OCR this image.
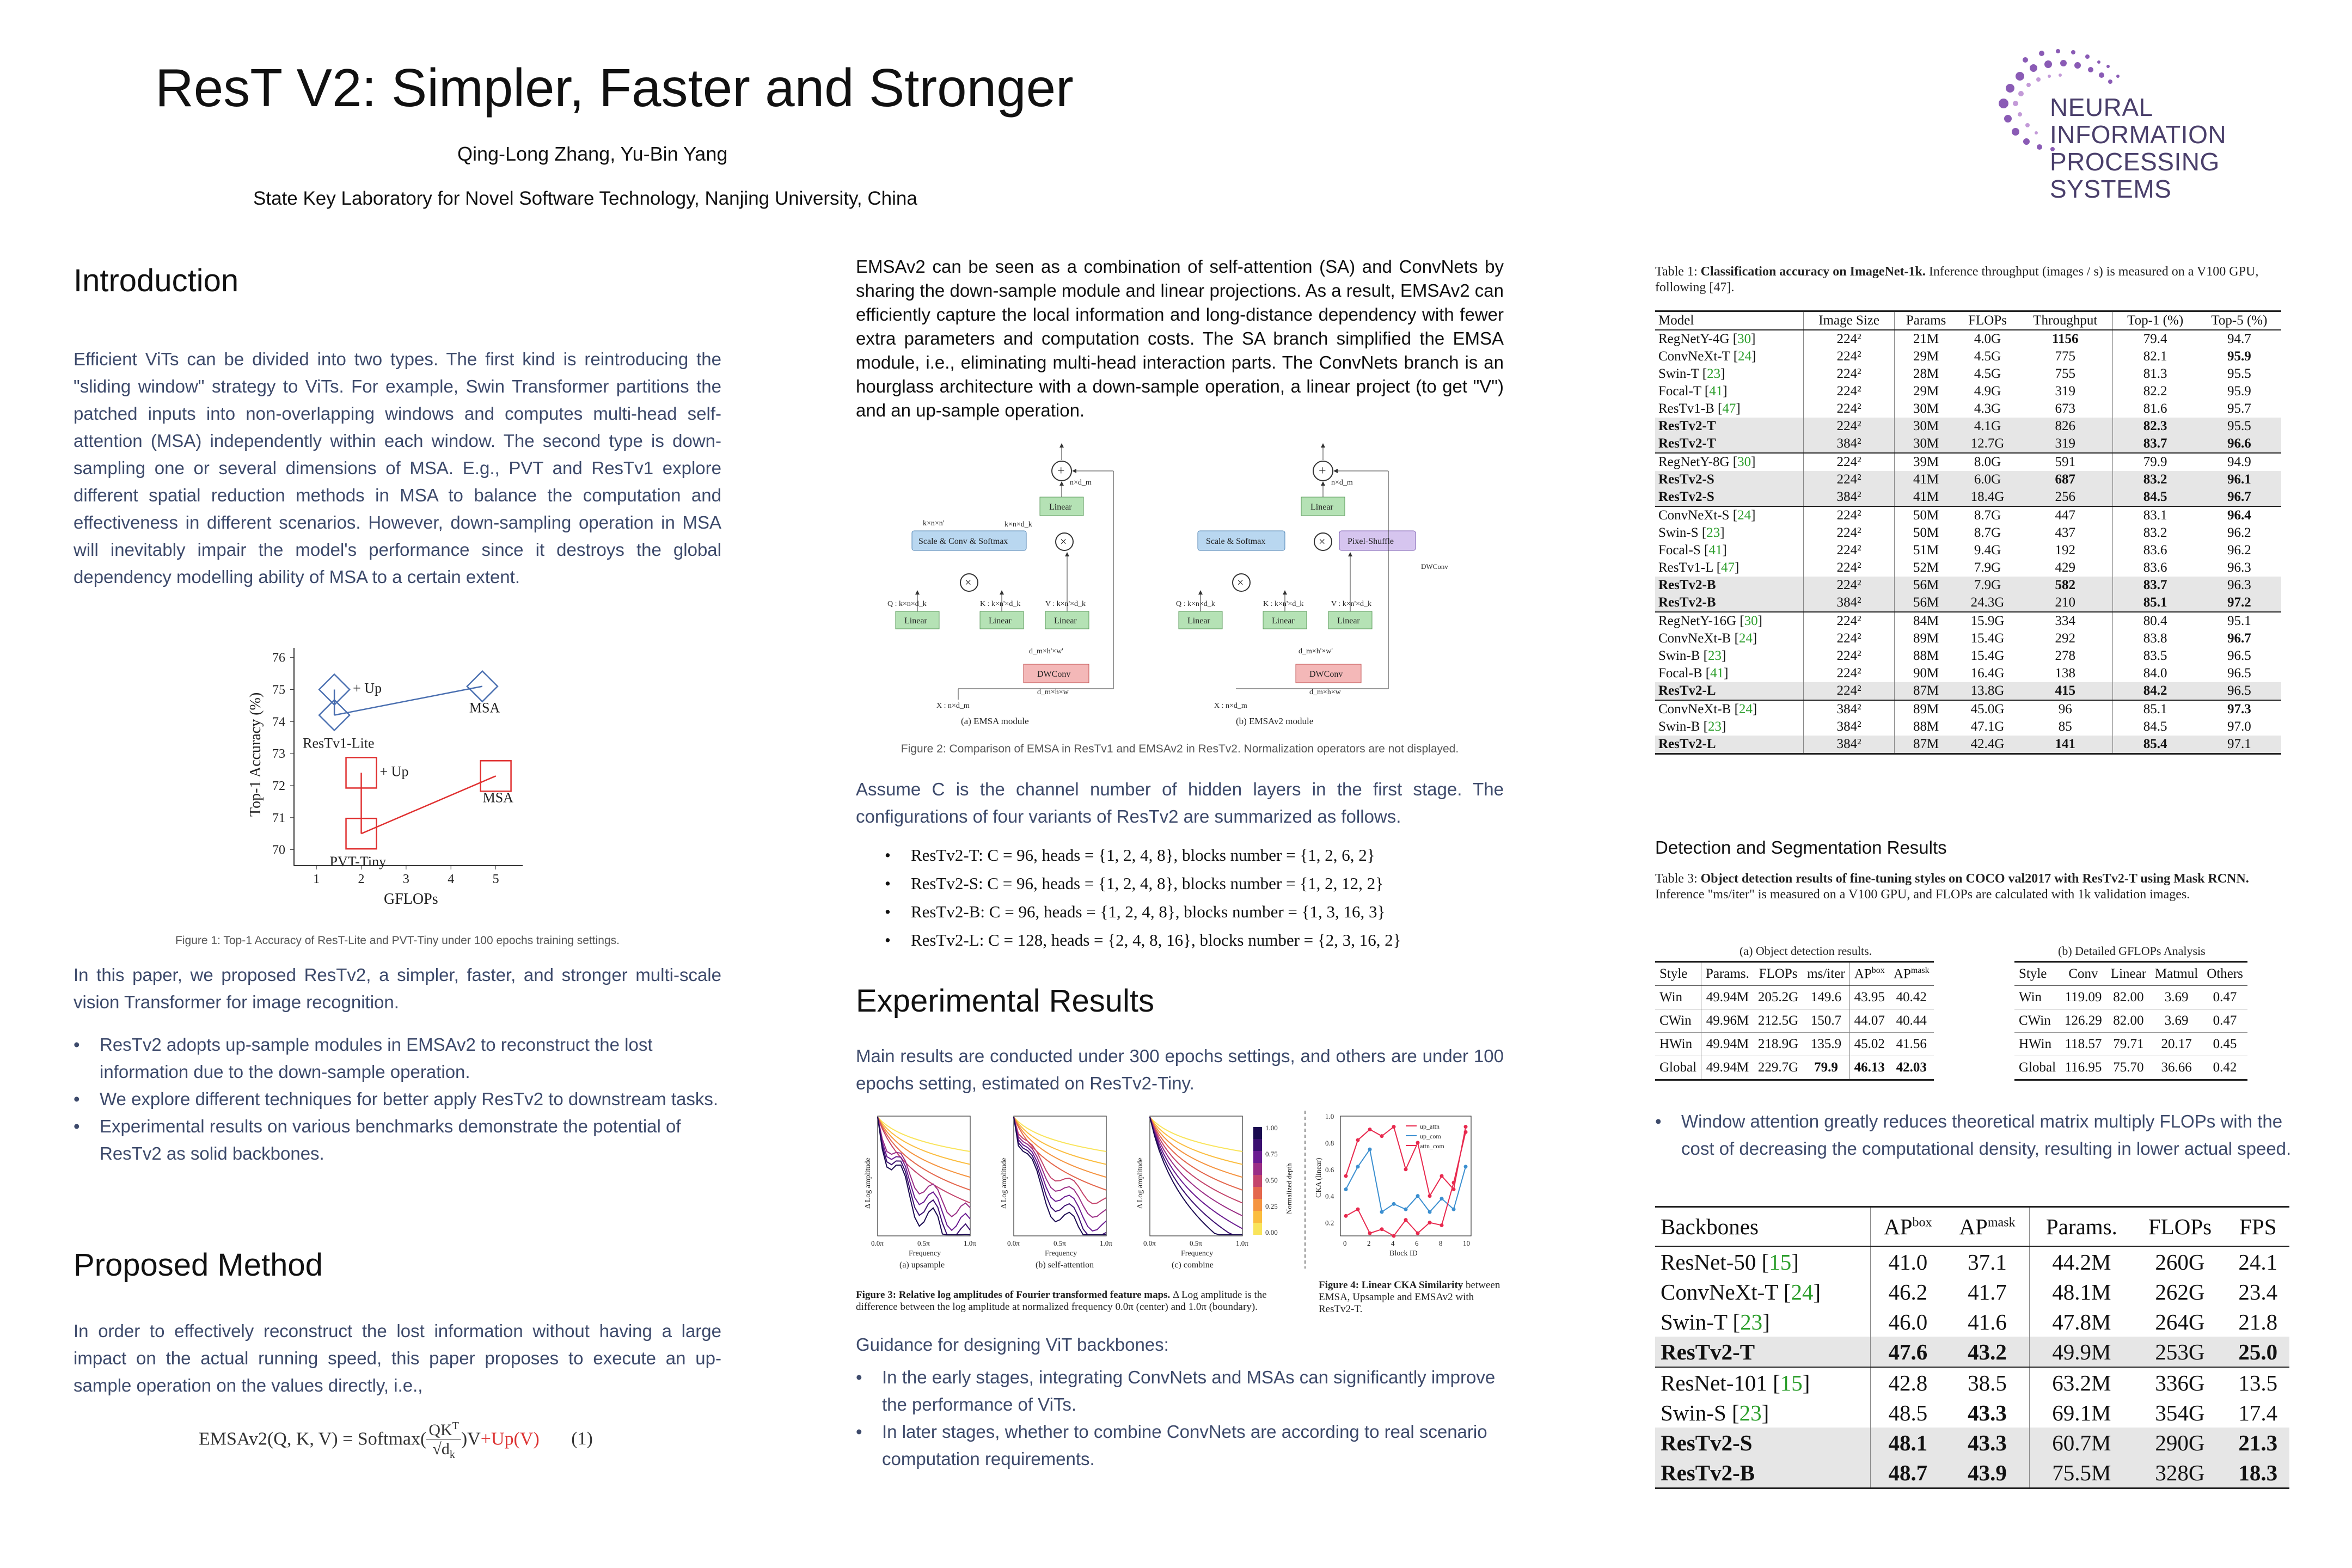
ResT V2: Simpler, Faster and Stronger
Qing-Long Zhang, Yu-Bin Yang
State Key Laboratory for Novel Software Technology, Nanjing University, China
NEURAL INFORMATION
PROCESSING SYSTEMS
Introduction

Efficient ViTs can be divided into two types. The first kind is reintroducing the "sliding window" strategy to ViTs. For example, Swin Transformer partitions the patched inputs into non-overlapping windows and computes multi-head self-attention (MSA) independently within each window. The second type is down-sampling one or several dimensions of MSA. E.g., PVT and ResTv1 explore different spatial reduction methods in MSA to balance the computation and effectiveness in different scenarios. However, down-sampling operation in MSA will inevitably impair the model's performance since it destroys the global dependency modelling ability of MSA to a certain extent.

1	2	3	4	5
70
71
72
73
74
75
76
GFLOPs
Top-1 Accuracy (%)	ResTv1-Lite
+ Up
MSA
PVT-Tiny
+ Up
MSA
Figure 1: Top-1 Accuracy of ResT-Lite and PVT-Tiny under 100 epochs training settings.

In this paper, we proposed ResTv2, a simpler, faster, and stronger multi-scale vision Transformer for image recognition.

• ResTv2 adopts up-sample modules in EMSAv2 to reconstruct the lost information due to the down-sample operation.
• We explore different techniques for better apply ResTv2 to downstream tasks.
• Experimental results on various benchmarks demonstrate the potential of ResTv2 as solid backbones.
Proposed Method

In order to effectively reconstruct the lost information without having a large impact on the actual running speed, this paper proposes to execute an up-sample operation on the values directly, i.e.,

EMSAv2(Q, K, V) = Softmax( $QK^T$
$√d_k$
)V+Up(V) (1)

EMSAv2 can be seen as a combination of self-attention (SA) and ConvNets by sharing the down-sample module and linear projections. As a result, EMSAv2 can efficiently capture the local information and long-distance dependency with fewer extra parameters and computation costs. The SA branch simplified the EMSA module, i.e., eliminating multi-head interaction parts. The ConvNets branch is an hourglass architecture with a down-sample operation, a linear project (to get "V") and an up-sample operation.

+
Linear
×
Scale & Conv & Softmax
×
Linear	Linear	Linear
DWConv
Q : k×n×d_k	K : k×n'×d_k	V : k×n'×d_k
n×d_m
k×n×n'	k×n×d_k
d_m×h'×w'
d_m×h×w
X : n×d_m
(a) EMSA module
+
Linear
×
Scale & Softmax	Pixel-Shuffle
×
Linear	Linear	Linear
DWConv
Q : k×n×d_k	K : k×n'×d_k	V : k×n'×d_k
DWConv
n×d_m
d_m×h'×w'
d_m×h×w
X : n×d_m
(b) EMSAv2 module
Figure 2: Comparison of EMSA in ResTv1 and EMSAv2 in ResTv2. Normalization operators are not displayed.

Assume C is the channel number of hidden layers in the first stage. The configurations of four variants of ResTv2 are summarized as follows.

• ResTv2-T: C = 96, heads = {1, 2, 4, 8}, blocks number = {1, 2, 6, 2}
• ResTv2-S: C = 96, heads = {1, 2, 4, 8}, blocks number = {1, 2, 12, 2}
• ResTv2-B: C = 96, heads = {1, 2, 4, 8}, blocks number = {1, 3, 16, 3}
• ResTv2-L: C = 128, heads = {2, 4, 8, 16}, blocks number = {2, 3, 16, 2}
Experimental Results

Main results are conducted under 300 epochs settings, and others are under 100 epochs setting, estimated on ResTv2-Tiny.

0.0π	0.5π	1.0π
Frequency
(a) upsample
Δ Log amplitude
0.0π	0.5π	1.0π
Frequency
(b) self-attention
Δ Log amplitude
0.0π	0.5π	1.0π
Frequency
(c) combine
Δ Log amplitude
1.00
0.75
0.50
0.25
0.00
Normalized depth
0	2	4	6	8	10
0.2
0.4
0.6
0.8
1.0
Block ID
CKA (linear)
up_attn
up_com
attn_com
Figure 3: Relative log amplitudes of Fourier transformed feature maps. Δ Log amplitude is the difference between the log amplitude at normalized frequency 0.0π (center) and 1.0π (boundary).
Figure 4: Linear CKA Similarity between EMSA, Upsample and EMSAv2 with ResTv2-T.

Guidance for designing ViT backbones:

• In the early stages, integrating ConvNets and MSAs can significantly improve the performance of ViTs.
• In later stages, whether to combine ConvNets are according to real scenario computation requirements.
Table 1: Classification accuracy on ImageNet-1k. Inference throughput (images / s) is measured on a V100 GPU, following [47].
Model	Image Size	Params	FLOPs	Throughput	Top-1 (%)	Top-5 (%)
RegNetY-4G [30]	224²	21M	4.0G	1156	79.4	94.7
ConvNeXt-T [24]	224²	29M	4.5G	775	82.1	95.9
Swin-T [23]	224²	28M	4.5G	755	81.3	95.5
Focal-T [41]	224²	29M	4.9G	319	82.2	95.9
ResTv1-B [47]	224²	30M	4.3G	673	81.6	95.7
ResTv2-T	224²	30M	4.1G	826	82.3	95.5
ResTv2-T	384²	30M	12.7G	319	83.7	96.6
RegNetY-8G [30]	224²	39M	8.0G	591	79.9	94.9
ResTv2-S	224²	41M	6.0G	687	83.2	96.1
ResTv2-S	384²	41M	18.4G	256	84.5	96.7
ConvNeXt-S [24]	224²	50M	8.7G	447	83.1	96.4
Swin-S [23]	224²	50M	8.7G	437	83.2	96.2
Focal-S [41]	224²	51M	9.4G	192	83.6	96.2
ResTv1-L [47]	224²	52M	7.9G	429	83.6	96.3
ResTv2-B	224²	56M	7.9G	582	83.7	96.3
ResTv2-B	384²	56M	24.3G	210	85.1	97.2
RegNetY-16G [30]	224²	84M	15.9G	334	80.4	95.1
ConvNeXt-B [24]	224²	89M	15.4G	292	83.8	96.7
Swin-B [23]	224²	88M	15.4G	278	83.5	96.5
Focal-B [41]	224²	90M	16.4G	138	84.0	96.5
ResTv2-L	224²	87M	13.8G	415	84.2	96.5
ConvNeXt-B [24]	384²	89M	45.0G	96	85.1	97.3
Swin-B [23]	384²	88M	47.1G	85	84.5	97.0
ResTv2-L	384²	87M	42.4G	141	85.4	97.1
Detection and Segmentation Results
Table 3: Object detection results of fine-tuning styles on COCO val2017 with ResTv2-T using Mask RCNN. Inference "ms/iter" is measured on a V100 GPU, and FLOPs are calculated with 1k validation images.
(a) Object detection results.	(b) Detailed GFLOPs Analysis
Style	Params.	FLOPs	ms/iter	$AP^{box}$	$AP^{mask}$
Win	49.94M	205.2G	149.6	43.95	40.42
CWin	49.96M	212.5G	150.7	44.07	40.44
HWin	49.94M	218.9G	135.9	45.02	41.56
Global	49.94M	229.7G	79.9	46.13	42.03
Style	Conv	Linear	Matmul	Others
Win	119.09	82.00	3.69	0.47
CWin	126.29	82.00	3.69	0.47
HWin	118.57	79.71	20.17	0.45
Global	116.95	75.70	36.66	0.42
• Window attention greatly reduces theoretical matrix multiply FLOPs with the cost of decreasing the computational density, resulting in lower actual speed.
Backbones	$AP^{box}$	$AP^{mask}$	Params.	FLOPs	FPS
ResNet-50 [15]	41.0	37.1	44.2M	260G	24.1
ConvNeXt-T [24]	46.2	41.7	48.1M	262G	23.4
Swin-T [23]	46.0	41.6	47.8M	264G	21.8
ResTv2-T	47.6	43.2	49.9M	253G	25.0
ResNet-101 [15]	42.8	38.5	63.2M	336G	13.5
Swin-S [23]	48.5	43.3	69.1M	354G	17.4
ResTv2-S	48.1	43.3	60.7M	290G	21.3
ResTv2-B	48.7	43.9	75.5M	328G	18.3
